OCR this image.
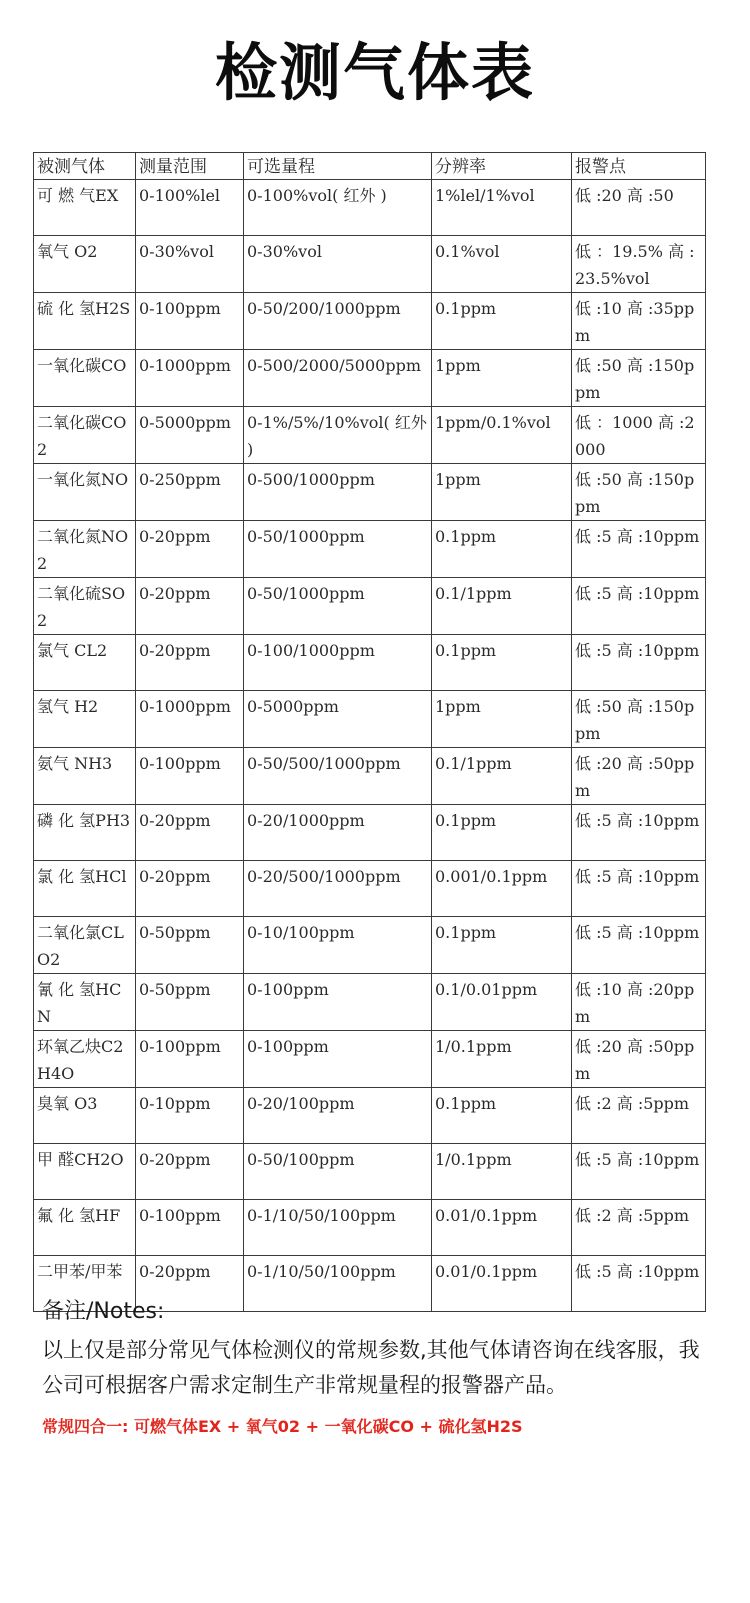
检测气体表
被测气体	测量范围	可选量程	分辨率	报警点
可 燃 气EX	0-100%lel	0-100%vol( 红外 )	1%lel/1%vol	低 :20 高 :50
氧气 O2	0-30%vol	0-30%vol	0.1%vol	低 ：19.5% 高 :23.5%vol
硫 化 氢H2S	0-100ppm	0-50/200/1000ppm	0.1ppm	低 :10 高 :35ppm
一氧化碳CO	0-1000ppm	0-500/2000/5000ppm	1ppm	低 :50 高 :150ppm
二氧化碳CO2	0-5000ppm	0-1%/5%/10%vol( 红外 )	1ppm/0.1%vol	低 ：1000 高 :2000
一氧化氮NO	0-250ppm	0-500/1000ppm	1ppm	低 :50 高 :150ppm
二氧化氮NO2	0-20ppm	0-50/1000ppm	0.1ppm	低 :5 高 :10ppm
二氧化硫SO2	0-20ppm	0-50/1000ppm	0.1/1ppm	低 :5 高 :10ppm
氯气 CL2	0-20ppm	0-100/1000ppm	0.1ppm	低 :5 高 :10ppm
氢气 H2	0-1000ppm	0-5000ppm	1ppm	低 :50 高 :150ppm
氨气 NH3	0-100ppm	0-50/500/1000ppm	0.1/1ppm	低 :20 高 :50ppm
磷 化 氢PH3	0-20ppm	0-20/1000ppm	0.1ppm	低 :5 高 :10ppm
氯 化 氢HCl	0-20ppm	0-20/500/1000ppm	0.001/0.1ppm	低 :5 高 :10ppm
二氧化氯CLO2	0-50ppm	0-10/100ppm	0.1ppm	低 :5 高 :10ppm
氰 化 氢HCN	0-50ppm	0-100ppm	0.1/0.01ppm	低 :10 高 :20ppm
环氧乙炔C2H4O	0-100ppm	0-100ppm	1/0.1ppm	低 :20 高 :50ppm
臭氧 O3	0-10ppm	0-20/100ppm	0.1ppm	低 :2 高 :5ppm
甲 醛CH2O	0-20ppm	0-50/100ppm	1/0.1ppm	低 :5 高 :10ppm
氟 化 氢HF	0-100ppm	0-1/10/50/100ppm	0.01/0.1ppm	低 :2 高 :5ppm
二甲苯/甲苯	0-20ppm	0-1/10/50/100ppm	0.01/0.1ppm	低 :5 高 :10ppm

备注/Notes:

以上仅是部分常见气体检测仪的常规参数,其他气体请咨询在线客服，我公司可根据客户需求定制生产非常规量程的报警器产品。

常规四合一: 可燃气体EX + 氧气02 + 一氧化碳CO + 硫化氢H2S
